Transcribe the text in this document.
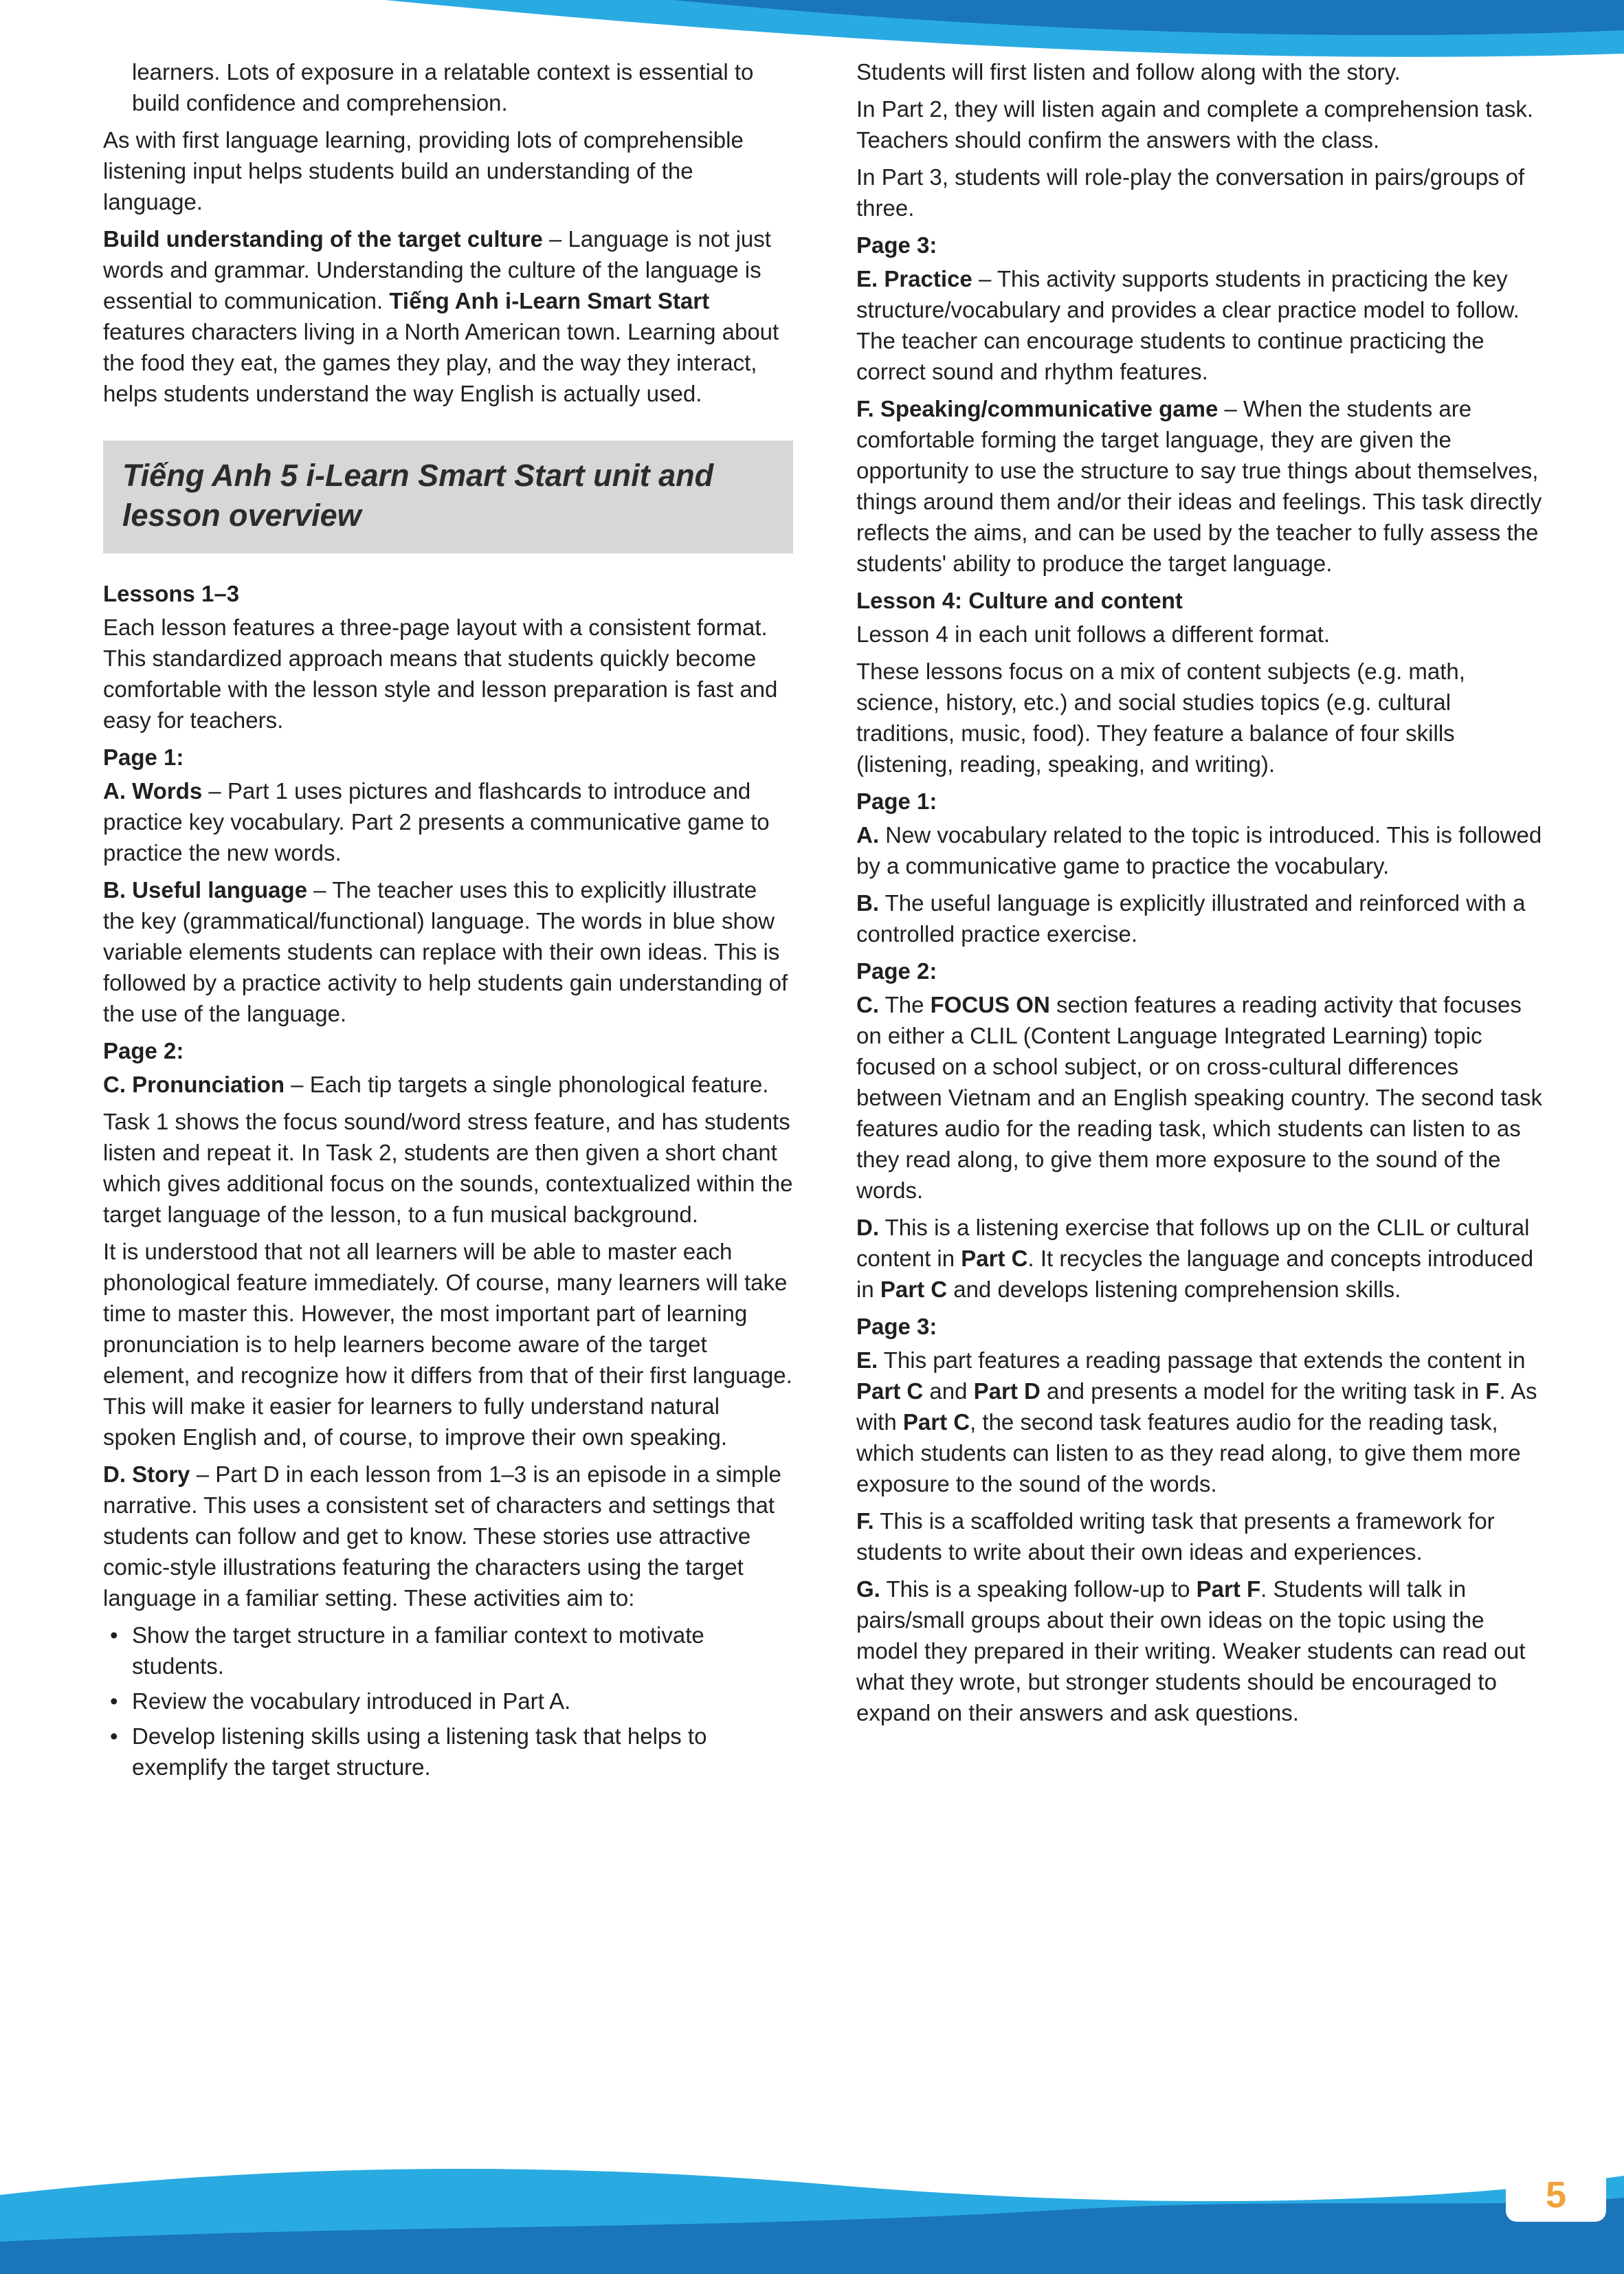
learners. Lots of exposure in a relatable context is essential to build confidence and comprehension.

As with first language learning, providing lots of comprehensible listening input helps students build an understanding of the language.

Build understanding of the target culture – Language is not just words and grammar. Understanding the culture of the language is essential to communication. Tiếng Anh i-Learn Smart Start features characters living in a North American town. Learning about the food they eat, the games they play, and the way they interact, helps students understand the way English is actually used.

Tiếng Anh 5 i-Learn Smart Start unit and lesson overview

Lessons 1–3

Each lesson features a three-page layout with a consistent format. This standardized approach means that students quickly become comfortable with the lesson style and lesson preparation is fast and easy for teachers.

Page 1:

A. Words – Part 1 uses pictures and flashcards to introduce and practice key vocabulary. Part 2 presents a communicative game to practice the new words.

B. Useful language – The teacher uses this to explicitly illustrate the key (grammatical/functional) language. The words in blue show variable elements students can replace with their own ideas. This is followed by a practice activity to help students gain understanding of the use of the language.

Page 2:

C. Pronunciation – Each tip targets a single phonological feature.

Task 1 shows the focus sound/word stress feature, and has students listen and repeat it. In Task 2, students are then given a short chant which gives additional focus on the sounds, contextualized within the target language of the lesson, to a fun musical background.

It is understood that not all learners will be able to master each phonological feature immediately. Of course, many learners will take time to master this. However, the most important part of learning pronunciation is to help learners become aware of the target element, and recognize how it differs from that of their first language. This will make it easier for learners to fully understand natural spoken English and, of course, to improve their own speaking.

D. Story – Part D in each lesson from 1–3 is an episode in a simple narrative. This uses a consistent set of characters and settings that students can follow and get to know. These stories use attractive comic-style illustrations featuring the characters using the target language in a familiar setting. These activities aim to:

• Show the target structure in a familiar context to motivate students.

• Review the vocabulary introduced in Part A.

• Develop listening skills using a listening task that helps to exemplify the target structure.

Students will first listen and follow along with the story.

In Part 2, they will listen again and complete a comprehension task. Teachers should confirm the answers with the class.

In Part 3, students will role-play the conversation in pairs/groups of three.

Page 3:

E. Practice – This activity supports students in practicing the key structure/vocabulary and provides a clear practice model to follow. The teacher can encourage students to continue practicing the correct sound and rhythm features.

F. Speaking/communicative game – When the students are comfortable forming the target language, they are given the opportunity to use the structure to say true things about themselves, things around them and/or their ideas and feelings. This task directly reflects the aims, and can be used by the teacher to fully assess the students' ability to produce the target language.

Lesson 4: Culture and content

Lesson 4 in each unit follows a different format.

These lessons focus on a mix of content subjects (e.g. math, science, history, etc.) and social studies topics (e.g. cultural traditions, music, food). They feature a balance of four skills (listening, reading, speaking, and writing).

Page 1:

A. New vocabulary related to the topic is introduced. This is followed by a communicative game to practice the vocabulary.

B. The useful language is explicitly illustrated and reinforced with a controlled practice exercise.

Page 2:

C. The FOCUS ON section features a reading activity that focuses on either a CLIL (Content Language Integrated Learning) topic focused on a school subject, or on cross-cultural differences between Vietnam and an English speaking country. The second task features audio for the reading task, which students can listen to as they read along, to give them more exposure to the sound of the words.

D. This is a listening exercise that follows up on the CLIL or cultural content in Part C. It recycles the language and concepts introduced in Part C and develops listening comprehension skills.

Page 3:

E. This part features a reading passage that extends the content in Part C and Part D and presents a model for the writing task in F. As with Part C, the second task features audio for the reading task, which students can listen to as they read along, to give them more exposure to the sound of the words.

F. This is a scaffolded writing task that presents a framework for students to write about their own ideas and experiences.

G. This is a speaking follow-up to Part F. Students will talk in pairs/small groups about their own ideas on the topic using the model they prepared in their writing. Weaker students can read out what they wrote, but stronger students should be encouraged to expand on their answers and ask questions.

5
